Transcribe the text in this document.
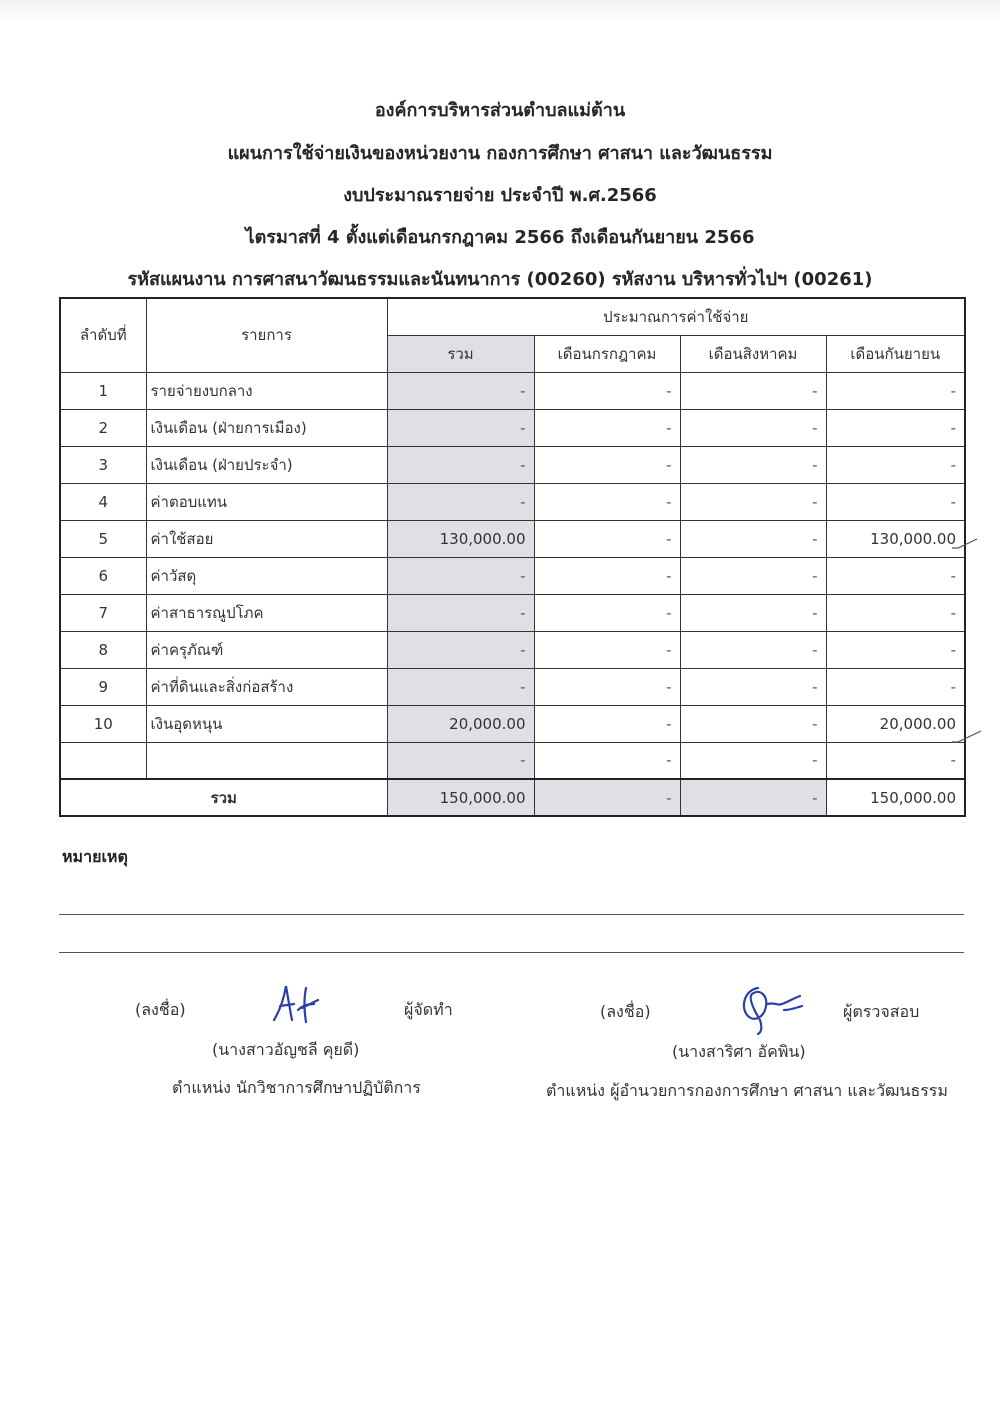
องค์การบริหารส่วนตำบลแม่ต้าน
แผนการใช้จ่ายเงินของหน่วยงาน กองการศึกษา ศาสนา และวัฒนธรรม
งบประมาณรายจ่าย ประจำปี พ.ศ.2566
ไตรมาสที่ 4 ตั้งแต่เดือนกรกฎาคม 2566 ถึงเดือนกันยายน 2566
รหัสแผนงาน การศาสนาวัฒนธรรมและนันทนาการ (00260) รหัสงาน บริหารทั่วไปฯ (00261)
ลำดับที่	รายการ	ประมาณการค่าใช้จ่าย			
		รวม	เดือนกรกฎาคม	เดือนสิงหาคม	เดือนกันยายน
1	รายจ่ายงบกลาง	-	-	-	-
2	เงินเดือน (ฝ่ายการเมือง)	-	-	-	-
3	เงินเดือน (ฝ่ายประจำ)	-	-	-	-
4	ค่าตอบแทน	-	-	-	-
5	ค่าใช้สอย	130,000.00	-	-	130,000.00
6	ค่าวัสดุ	-	-	-	-
7	ค่าสาธารณูปโภค	-	-	-	-
8	ค่าครุภัณฑ์	-	-	-	-
9	ค่าที่ดินและสิ่งก่อสร้าง	-	-	-	-
10	เงินอุดหนุน	20,000.00	-	-	20,000.00
		-	-	-	-
รวม		150,000.00	-	-	150,000.00
หมายเหตุ
(ลงชื่อ)	ผู้จัดทำ
(นางสาวอัญชลี คุยดี)
ตำแหน่ง นักวิชาการศึกษาปฏิบัติการ
(ลงชื่อ)	ผู้ตรวจสอบ
(นางสาริศา อัคพิน)
ตำแหน่ง ผู้อำนวยการกองการศึกษา ศาสนา และวัฒนธรรม
